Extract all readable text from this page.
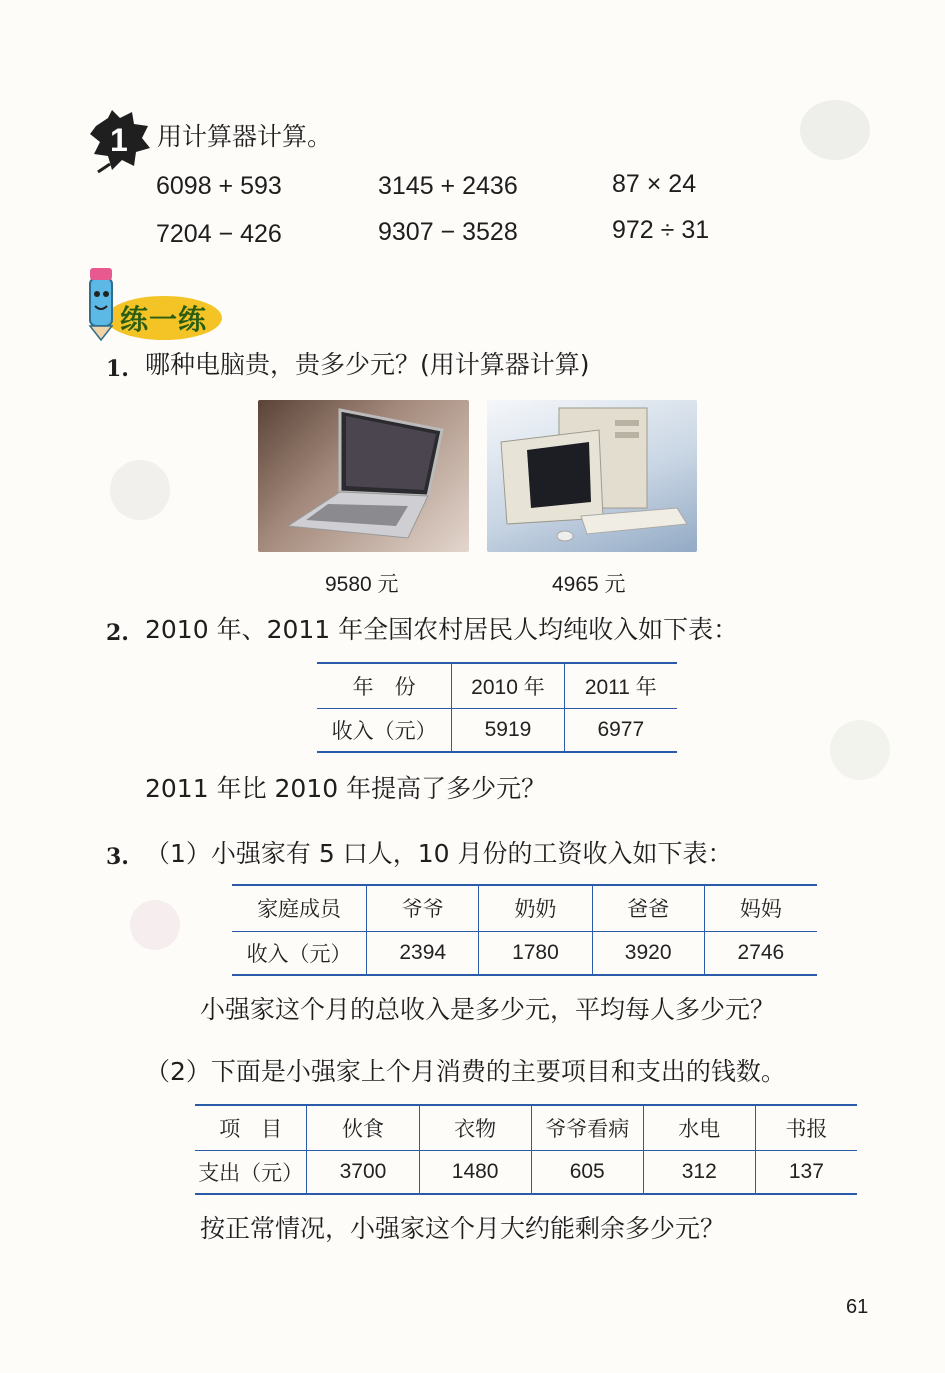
1 用计算器计算。
6098 + 593	3145 + 2436	87 × 24
7204 − 426	9307 − 3528	972 ÷ 31
练一练
1. 哪种电脑贵，贵多少元？(用计算器计算)
9580 元	4965 元
2. 2010 年、2011 年全国农村居民人均纯收入如下表：
年　份	2010 年	2011 年
收入（元）	5919	6977
2011 年比 2010 年提高了多少元？
3. （1）小强家有 5 口人，10 月份的工资收入如下表：
家庭成员	爷爷	奶奶	爸爸	妈妈
收入（元）	2394	1780	3920	2746
小强家这个月的总收入是多少元，平均每人多少元？
（2）下面是小强家上个月消费的主要项目和支出的钱数。
项　目	伙食	衣物	爷爷看病	水电	书报
支出（元）	3700	1480	605	312	137
按正常情况，小强家这个月大约能剩余多少元？
61
